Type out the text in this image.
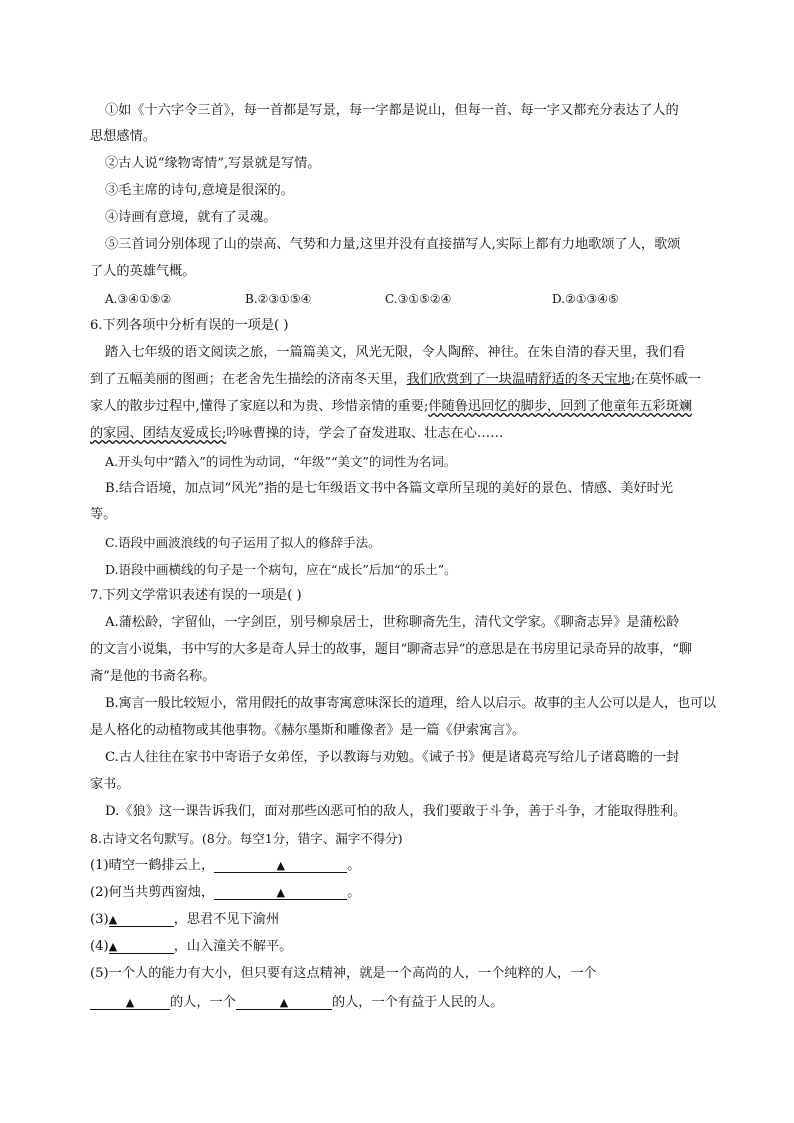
①如《十六字令三首》，每一首都是写景，每一字都是说山，但每一首、每一字又都充分表达了人的
思想感情。
②古人说“缘物寄情”,写景就是写情。
③毛主席的诗句,意境是很深的。
④诗画有意境，就有了灵魂。
⑤三首词分别体现了山的崇高、气势和力量,这里并没有直接描写人,实际上都有力地歌颂了人，歌颂
了人的英雄气概。
A.③④①⑤②	B.②③①⑤④	C.③①⑤②④	D.②①③④⑤
6.下列各项中分析有误的一项是( )
踏入七年级的语文阅读之旅，一篇篇美文，风光无限，令人陶醉、神往。在朱自清的春天里，我们看
到了五幅美丽的图画；在老舍先生描绘的济南冬天里，我们欣赏到了一块温晴舒适的冬天宝地;在莫怀戚一
家人的散步过程中,懂得了家庭以和为贵、珍惜亲情的重要;伴随鲁迅回忆的脚步，回到了他童年五彩斑斓
的家园、团结友爱成长;吟咏曹操的诗，学会了奋发进取、壮志在心……
A.开头句中“踏入”的词性为动词，“年级”“美文”的词性为名词。
B.结合语境，加点词“风光”指的是七年级语文书中各篇文章所呈现的美好的景色、情感、美好时光
等。
C.语段中画波浪线的句子运用了拟人的修辞手法。
D.语段中画横线的句子是一个病句，应在“成长”后加“的乐土”。
7.下列文学常识表述有误的一项是( )
A.蒲松龄，字留仙，一字剑臣，别号柳泉居士，世称聊斋先生，清代文学家。《聊斋志异》是蒲松龄
的文言小说集，书中写的大多是奇人异士的故事，题目“聊斋志异”的意思是在书房里记录奇异的故事，“聊
斋”是他的书斋名称。
B.寓言一般比较短小，常用假托的故事寄寓意味深长的道理，给人以启示。故事的主人公可以是人，也可以
是人格化的动植物或其他事物。《赫尔墨斯和雕像者》是一篇《伊索寓言》。
C.古人往往在家书中寄语子女弟侄，予以教诲与劝勉。《诫子书》便是诸葛亮写给儿子诸葛瞻的一封
家书。
D.《狼》这一课告诉我们，面对那些凶恶可怕的敌人，我们要敢于斗争，善于斗争，才能取得胜利。
8.古诗文名句默写。(8分。每空1分，错字、漏字不得分)
(1)晴空一鹤排云上，	▲	。
(2)何当共剪西窗烛，	▲	。
(3)▲	，思君不见下渝州
(4)▲	，山入潼关不解平。
(5)一个人的能力有大小，但只要有这点精神，就是一个高尚的人，一个纯粹的人，一个
▲	的人，一个	▲	的人，一个有益于人民的人。
